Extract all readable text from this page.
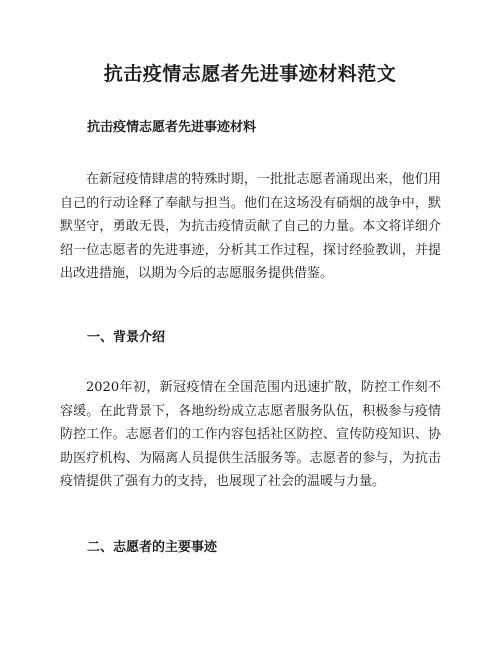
抗击疫情志愿者先进事迹材料范文
抗击疫情志愿者先进事迹材料

在新冠疫情肆虐的特殊时期，一批批志愿者涌现出来，他们用自己的行动诠释了奉献与担当。他们在这场没有硝烟的战争中，默默坚守，勇敢无畏，为抗击疫情贡献了自己的力量。本文将详细介绍一位志愿者的先进事迹，分析其工作过程，探讨经验教训，并提出改进措施，以期为今后的志愿服务提供借鉴。

一、背景介绍

2020年初，新冠疫情在全国范围内迅速扩散，防控工作刻不容缓。在此背景下，各地纷纷成立志愿者服务队伍，积极参与疫情防控工作。志愿者们的工作内容包括社区防控、宣传防疫知识、协助医疗机构、为隔离人员提供生活服务等。志愿者的参与，为抗击疫情提供了强有力的支持，也展现了社会的温暖与力量。

二、志愿者的主要事迹
